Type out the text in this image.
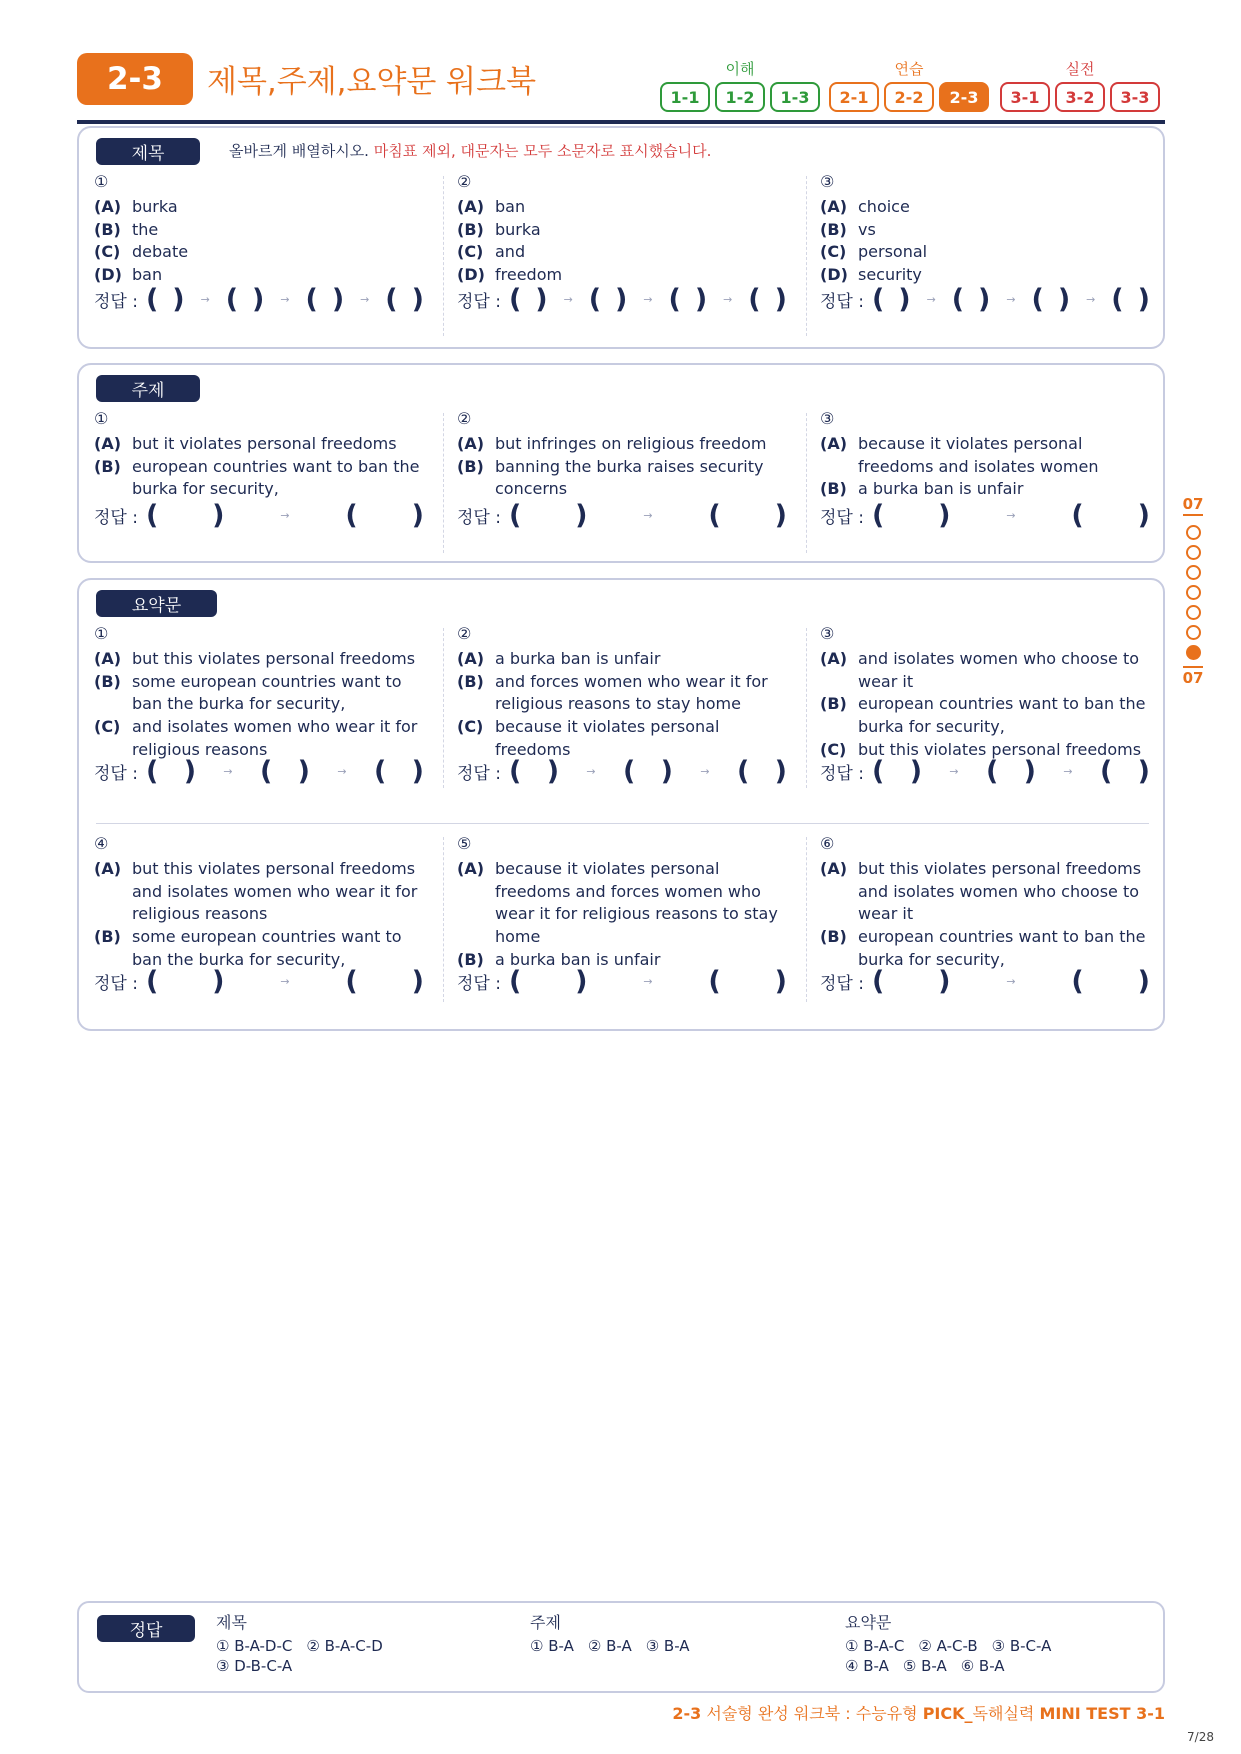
2-3	제목,주제,요약문 워크북	이해
1-1	1-2	1-3
연습
2-1	2-2	2-3
실전
3-1	3-2	3-3
제목	올바르게 배열하시오. 마침표 제외, 대문자는 모두 소문자로 표시했습니다.
①
(A) burka
(B) the
(C) debate
(D) ban
정답 : ( ) → ( ) → ( ) → ( )
②
(A) ban
(B) burka
(C) and
(D) freedom
정답 : ( ) → ( ) → ( ) → ( )
③
(A) choice
(B) vs
(C) personal
(D) security
정답 : ( ) → ( ) → ( ) → ( )
주제
①
(A) but it violates personal freedoms
(B) european countries want to ban the burka for security,
정답 : ( )	→ ( )
②
(A) but infringes on religious freedom
(B) banning the burka raises security concerns
정답 : ( )	→ ( )
③
(A) because it violates personal freedoms and isolates women
(B) a burka ban is unfair
정답 : ( )	→ ( )
요약문
①
(A) but this violates personal freedoms
(B) some european countries want to ban the burka for security,
(C) and isolates women who wear it for religious reasons
정답 : ( ) → ( ) → ( )
②
(A) a burka ban is unfair
(B) and forces women who wear it for religious reasons to stay home
(C) because it violates personal freedoms
정답 : ( ) → ( ) → ( )
③
(A) and isolates women who choose to wear it
(B) european countries want to ban the burka for security,
(C) but this violates personal freedoms
정답 : ( ) → ( ) → ( )
④
(A) but this violates personal freedoms and isolates women who wear it for religious reasons
(B) some european countries want to ban the burka for security,
정답 : ( )	→ ( )
⑤
(A) because it violates personal freedoms and forces women who wear it for religious reasons to stay home
(B) a burka ban is unfair
정답 : ( )	→ ( )
⑥
(A) but this violates personal freedoms and isolates women who choose to wear it
(B) european countries want to ban the burka for security,
정답 : ( )	→ ( )
07
07
정답	제목
① B-A-D-C ② B-A-C-D
③ D-B-C-A
주제
① B-A ② B-A ③ B-A
요약문
① B-A-C ② A-C-B ③ B-C-A
④ B-A ⑤ B-A ⑥ B-A
2-3 서술형 완성 워크북 : 수능유형 PICK_독해실력 MINI TEST 3-1
7/28
